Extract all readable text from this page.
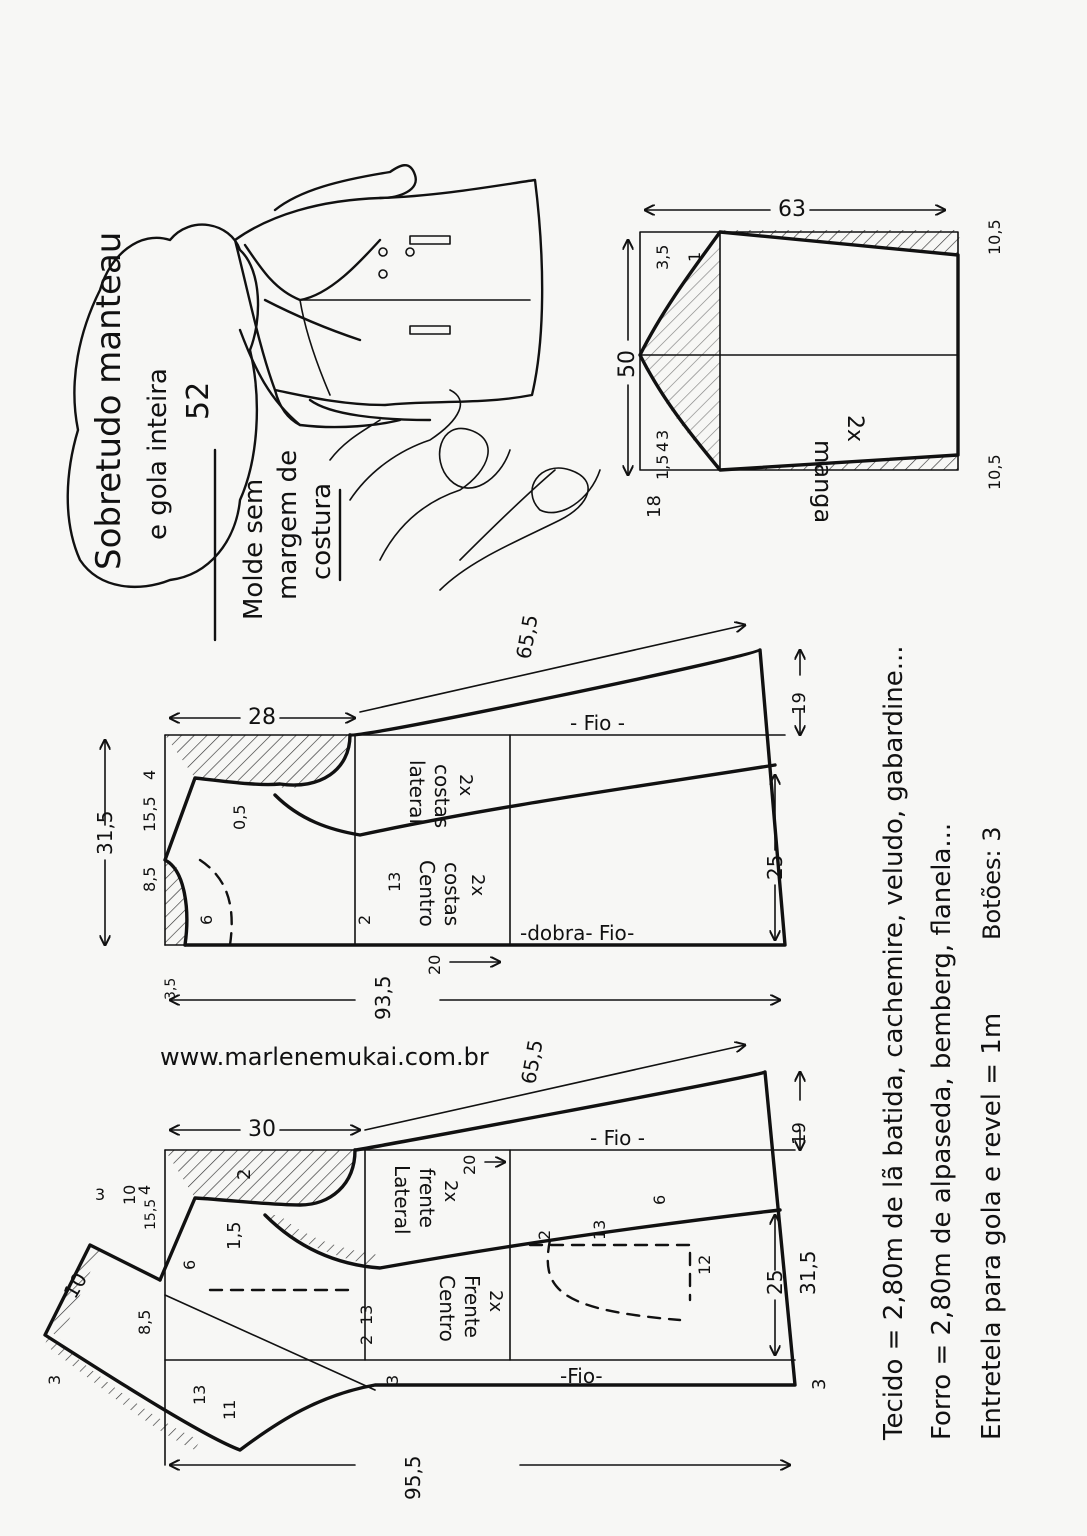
Sobretudo manteau e gola inteira 52
Molde sem margem de costura
63
50
1
3,5
3
4
1,5
18
10,5
10,5
manga
2x
28
31,5
4
15,5
8,5
6
3,5
0,5
2
13
20
25
65,5
19
93,5
Centro costas 2x
lateral costas 2x
- Fio -
-dobra- Fio-
www.marlenemukai.com.br
30
10
10
3
3
8,5
15,5
4
6
1,5
2
13
11
13
2
3
20
2 13
6
12
25 31,5
19
3
65,5
95,5
Centro Frente 2x
Lateral frente 2x
- Fio -
-Fio-	Tecido = 2,80m de lã batida, cachemire, veludo, gabardine... Forro = 2,80m de alpaseda, bemberg, flanela... Entretela para gola e revel = 1m
Botões: 3
